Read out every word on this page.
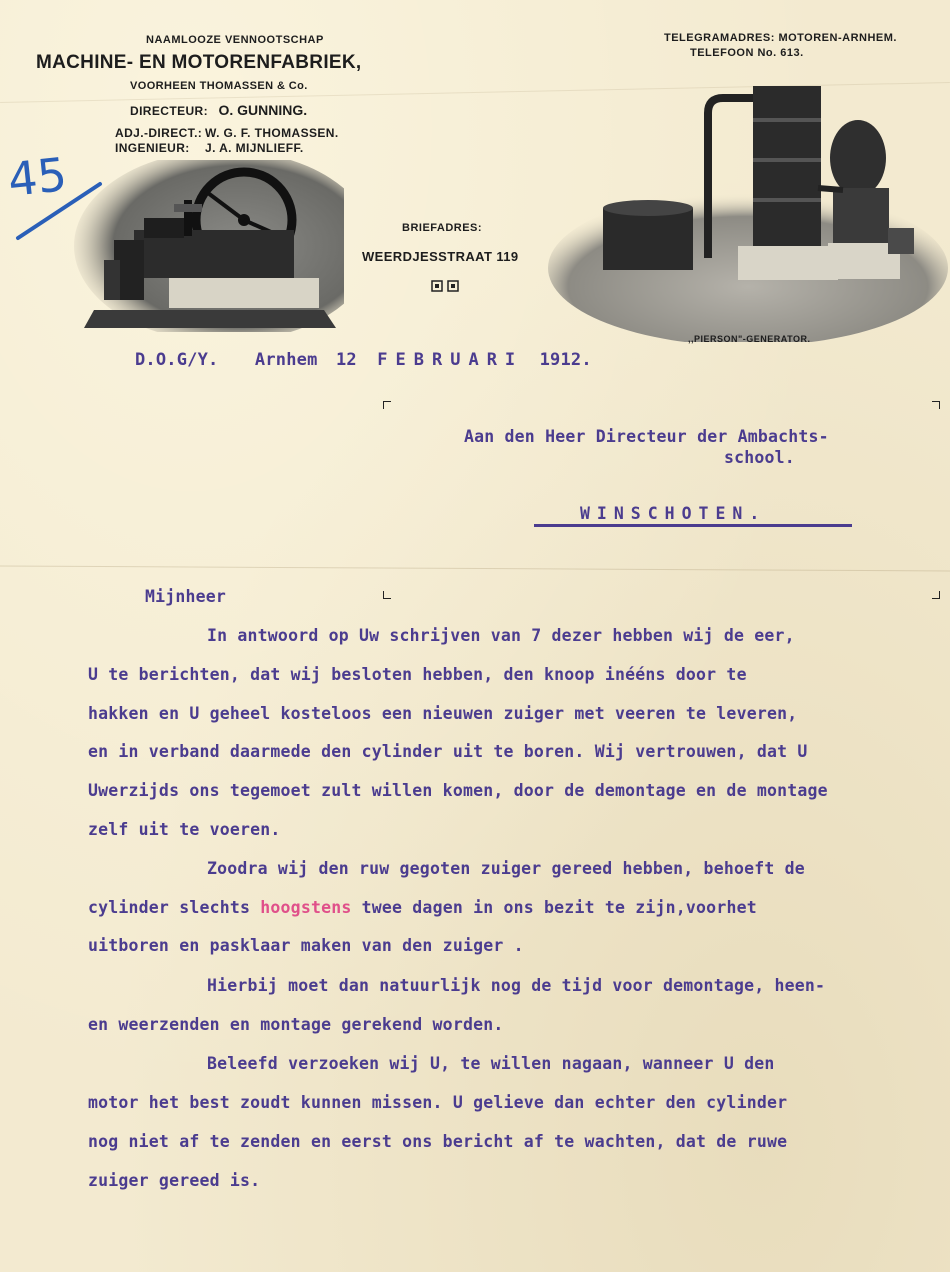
NAAMLOOZE VENNOOTSCHAP
MACHINE- EN MOTORENFABRIEK,
VOORHEEN THOMASSEN & Co.
DIRECTEUR: O. GUNNING.
ADJ.-DIRECT.: W. G. F. THOMASSEN.
INGENIEUR: J. A. MIJNLIEFF.
TELEGRAMADRES: MOTOREN-ARNHEM.
TELEFOON No. 613.
BRIEFADRES:
WEERDJESSTRAAT 119
,,PIERSON"-GENERATOR.
45
D.O.G/Y. Arnhem 12 FEBRUARI 1912.
Aan den Heer Directeur der Ambachts-
school.
WINSCHOTEN.
Mijnheer
In antwoord op Uw schrijven van 7 dezer hebben wij de eer,
U te berichten, dat wij besloten hebben, den knoop inééns door te
hakken en U geheel kosteloos een nieuwen zuiger met veeren te leveren,
en in verband daarmede den cylinder uit te boren. Wij vertrouwen, dat U
Uwerzijds ons tegemoet zult willen komen, door de demontage en de montage
zelf uit te voeren.
Zoodra wij den ruw gegoten zuiger gereed hebben, behoeft de
cylinder slechts hoogstens twee dagen in ons bezit te zijn,voorhet
uitboren en pasklaar maken van den zuiger .
Hierbij moet dan natuurlijk nog de tijd voor demontage, heen-
en weerzenden en montage gerekend worden.
Beleefd verzoeken wij U, te willen nagaan, wanneer U den
motor het best zoudt kunnen missen. U gelieve dan echter den cylinder
nog niet af te zenden en eerst ons bericht af te wachten, dat de ruwe
zuiger gereed is.
